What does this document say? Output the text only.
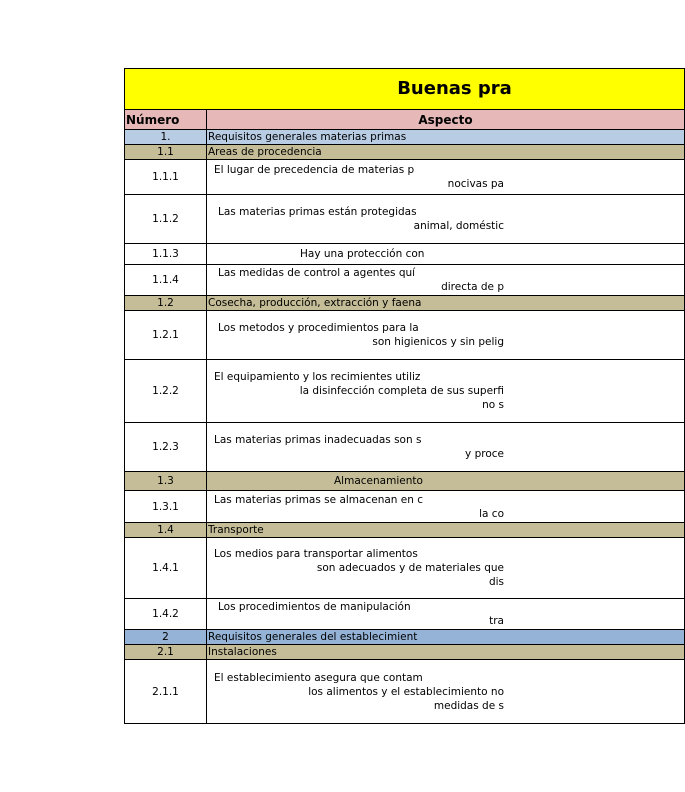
Buenas pra	
Número	Aspecto
1.	Requisitos generales materias primas
1.1	Areas de procedencia
1.1.1	El lugar de precedencia de materias p
nocivas pa

1.1.2	Las materias primas están protegidas
animal, doméstic

1.1.3	Hay una protección con

1.1.4	Las medidas de control a agentes quí
directa de p

1.2	Cosecha, producción, extracción y faena
1.2.1	Los metodos y procedimientos para la
son higienicos y sin pelig

1.2.2	El equipamiento y los recimientes utiliz
la disinfección completa de sus superfi
no s

1.2.3	Las materias primas inadecuadas son s
y proce

1.3	Almacenamiento
1.3.1	Las materias primas se almacenan en c
la co

1.4	Transporte
1.4.1	Los medios para transportar alimentos
son adecuados y de materiales que
dis

1.4.2	Los procedimientos de manipulación
tra

2	Requisitos generales del establecimient
2.1	Instalaciones
2.1.1	El establecimiento asegura que contam
los alimentos y el establecimiento no
medidas de s
